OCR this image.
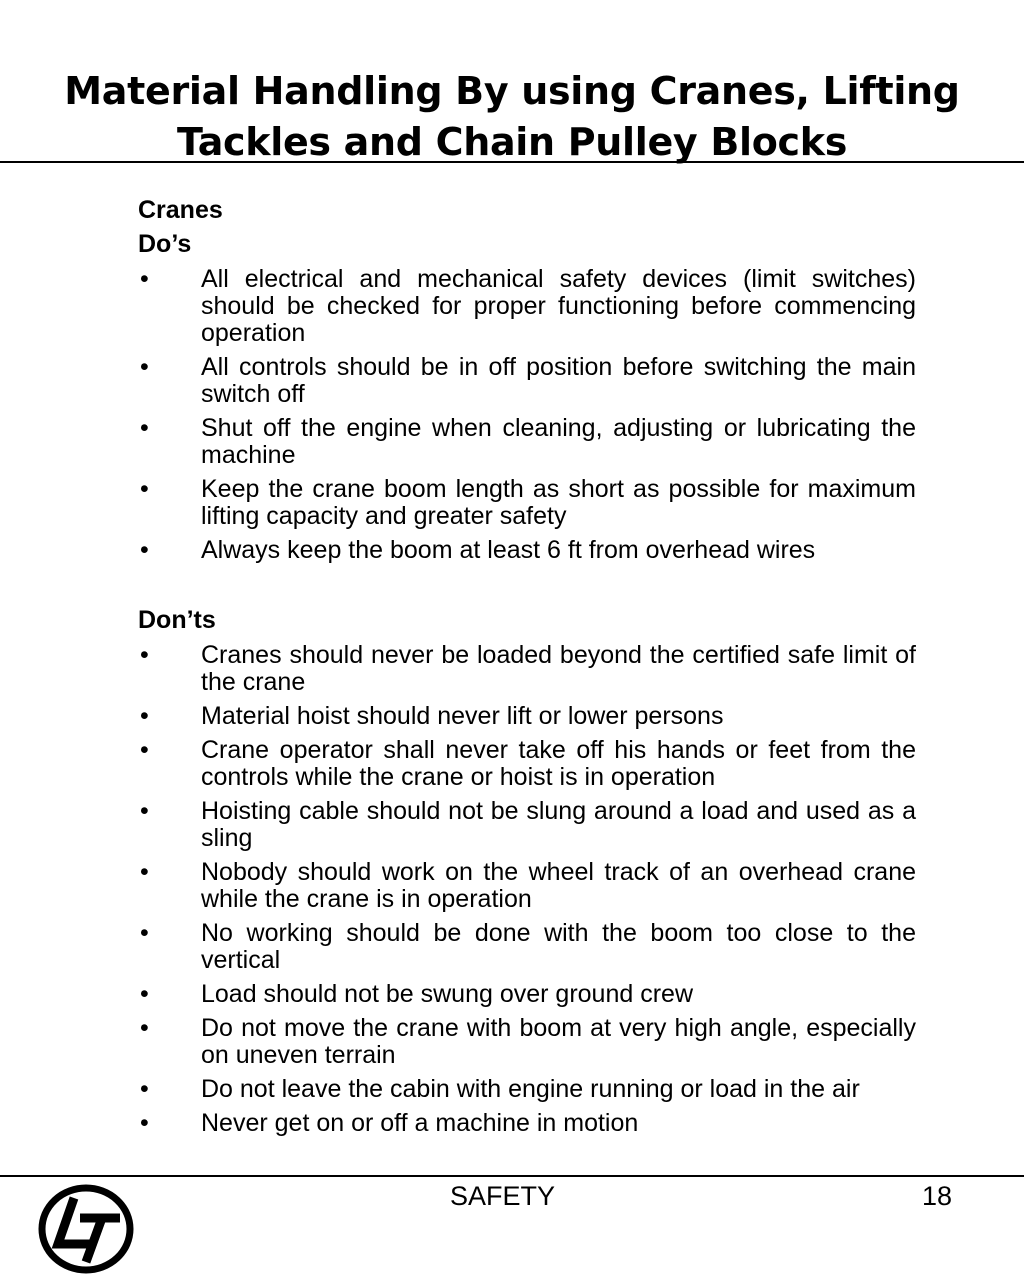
Material Handling By using Cranes, Lifting
Tackles and Chain Pulley Blocks
Cranes
Do’s
• All electrical and mechanical safety devices (limit switches) should be checked for proper functioning before commencing operation
• All controls should be in off position before switching the main switch off
• Shut off the engine when cleaning, adjusting or lubricating the machine
• Keep the crane boom length as short as possible for maximum lifting capacity and greater safety
• Always keep the boom at least 6 ft from overhead wires
Don’ts
• Cranes should never be loaded beyond the certified safe limit of the crane
• Material hoist should never lift or lower persons
• Crane operator shall never take off his hands or feet from the controls while the crane or hoist is in operation
• Hoisting cable should not be slung around a load and used as a sling
• Nobody should work on the wheel track of an overhead crane while the crane is in operation
• No working should be done with the boom too close to the vertical
• Load should not be swung over ground crew
• Do not move the crane with boom at very high angle, especially on uneven terrain
• Do not leave the cabin with engine running or load in the air
• Never get on or off a machine in motion
SAFETY	18
